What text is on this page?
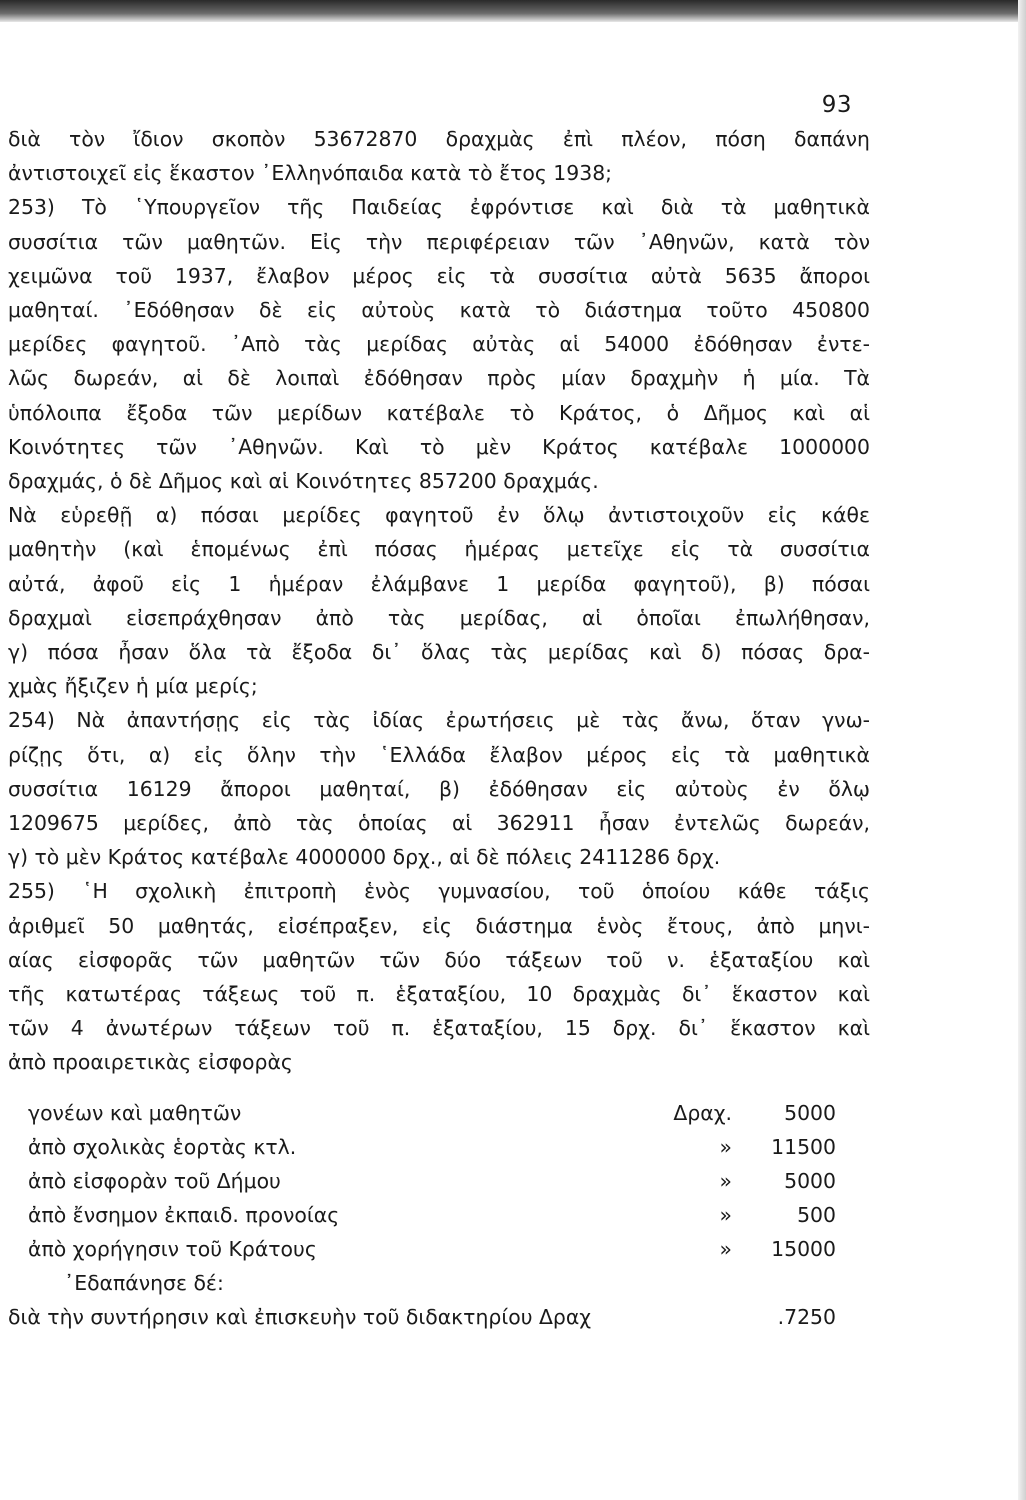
93
διὰ τὸν ἴδιον σκοπὸν 53672870 δραχμὰς ἐπὶ πλέον, πόση δαπάνη
ἀντιστοιχεῖ εἰς ἕκαστον ᾿Ελληνόπαιδα κατὰ τὸ ἔτος 1938;
253) Τὸ ῾Υπουργεῖον τῆς Παιδείας ἐφρόντισε καὶ διὰ τὰ μαθητικὰ
συσσίτια τῶν μαθητῶν. Εἰς τὴν περιφέρειαν τῶν ᾿Αθηνῶν, κατὰ τὸν
χειμῶνα τοῦ 1937, ἔλαβον μέρος εἰς τὰ συσσίτια αὐτὰ 5635 ἄποροι
μαθηταί. ᾿Εδόθησαν δὲ εἰς αὐτοὺς κατὰ τὸ διάστημα τοῦτο 450800
μερίδες φαγητοῦ. ᾿Απὸ τὰς μερίδας αὐτὰς αἱ 54000 ἐδόθησαν ἐντε-
λῶς δωρεάν, αἱ δὲ λοιπαὶ ἐδόθησαν πρὸς μίαν δραχμὴν ἡ μία. Τὰ
ὑπόλοιπα ἔξοδα τῶν μερίδων κατέβαλε τὸ Κράτος, ὁ Δῆμος καὶ αἱ
Κοινότητες τῶν ᾿Αθηνῶν. Καὶ τὸ μὲν Κράτος κατέβαλε 1000000
δραχμάς, ὁ δὲ Δῆμος καὶ αἱ Κοινότητες 857200 δραχμάς.
Νὰ εὑρεθῇ α) πόσαι μερίδες φαγητοῦ ἐν ὅλῳ ἀντιστοιχοῦν εἰς κάθε
μαθητὴν (καὶ ἑπομένως ἐπὶ πόσας ἡμέρας μετεῖχε εἰς τὰ συσσίτια
αὐτά, ἀφοῦ εἰς 1 ἡμέραν ἐλάμβανε 1 μερίδα φαγητοῦ), β) πόσαι
δραχμαὶ εἰσεπράχθησαν ἀπὸ τὰς μερίδας, αἱ ὁποῖαι ἐπωλήθησαν,
γ) πόσα ἦσαν ὅλα τὰ ἔξοδα δι᾿ ὅλας τὰς μερίδας καὶ δ) πόσας δρα-
χμὰς ἤξιζεν ἡ μία μερίς;
254) Νὰ ἀπαντήσῃς εἰς τὰς ἰδίας ἐρωτήσεις μὲ τὰς ἄνω, ὅταν γνω-
ρίζῃς ὅτι, α) εἰς ὅλην τὴν ῾Ελλάδα ἔλαβον μέρος εἰς τὰ μαθητικὰ
συσσίτια 16129 ἄποροι μαθηταί, β) ἐδόθησαν εἰς αὐτοὺς ἐν ὅλῳ
1209675 μερίδες, ἀπὸ τὰς ὁποίας αἱ 362911 ἦσαν ἐντελῶς δωρεάν,
γ) τὸ μὲν Κράτος κατέβαλε 4000000 δρχ., αἱ δὲ πόλεις 2411286 δρχ.
255) ῾Η σχολικὴ ἐπιτροπὴ ἑνὸς γυμνασίου, τοῦ ὁποίου κάθε τάξις
ἀριθμεῖ 50 μαθητάς, εἰσέπραξεν, εἰς διάστημα ἑνὸς ἔτους, ἀπὸ μηνι-
αίας εἰσφορᾶς τῶν μαθητῶν τῶν δύο τάξεων τοῦ ν. ἑξαταξίου καὶ
τῆς κατωτέρας τάξεως τοῦ π. ἑξαταξίου, 10 δραχμὰς δι᾿ ἕκαστον καὶ
τῶν 4 ἀνωτέρων τάξεων τοῦ π. ἑξαταξίου, 15 δρχ. δι᾿ ἕκαστον καὶ
ἀπὸ προαιρετικὰς εἰσφορὰς
γονέων καὶ μαθητῶν	Δραχ.	5000
ἀπὸ σχολικὰς ἑορτὰς κτλ.	»	11500
ἀπὸ εἰσφορὰν τοῦ Δήμου	»	5000
ἀπὸ ἔνσημον ἐκπαιδ. προνοίας	»	500
ἀπὸ χορήγησιν τοῦ Κράτους	»	15000
᾿Εδαπάνησε δέ:
διὰ τὴν συντήρησιν καὶ ἐπισκευὴν τοῦ διδακτηρίου Δραχ	.7250
